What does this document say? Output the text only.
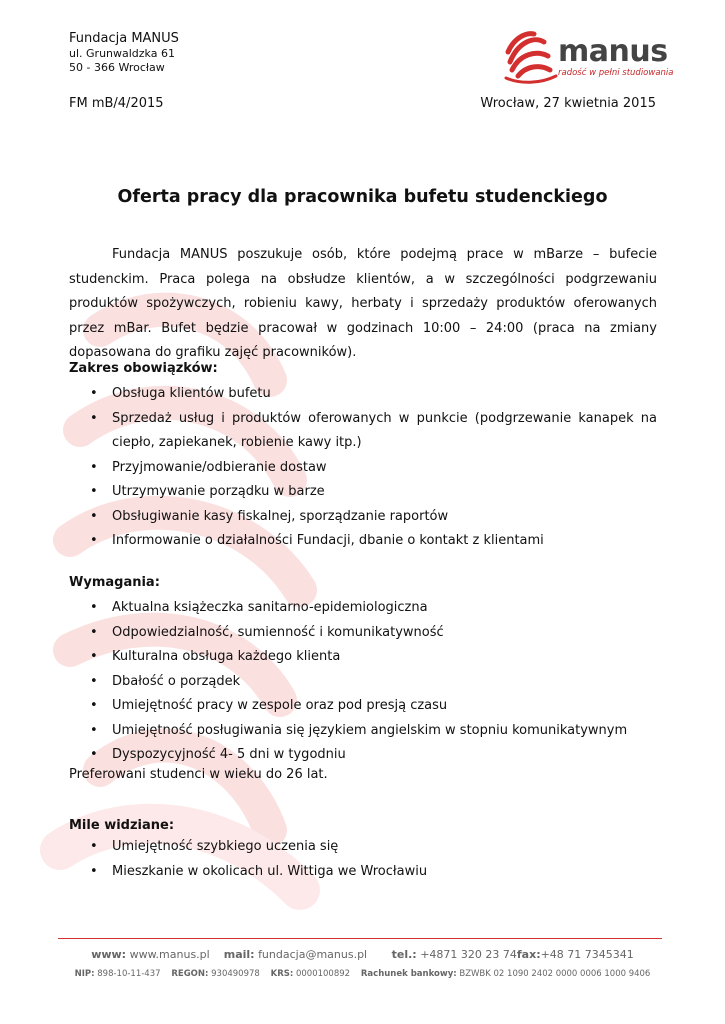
Fundacja MANUS
ul. Grunwaldzka 61
50 - 366 Wrocław	manus
radość w pełni studiowania
FM mB/4/2015	Wrocław, 27 kwietnia 2015
Oferta pracy dla pracownika bufetu studenckiego

Fundacja MANUS poszukuje osób, które podejmą prace w mBarze – bufecie studenckim. Praca polega na obsłudze klientów, a w szczególności podgrzewaniu produktów spożywczych, robieniu kawy, herbaty i sprzedaży produktów oferowanych przez mBar. Bufet będzie pracował w godzinach 10:00 – 24:00 (praca na zmiany dopasowana do grafiku zajęć pracowników).

Zakres obowiązków:
• Obsługa klientów bufetu
• Sprzedaż usług i produktów oferowanych w punkcie (podgrzewanie kanapek na ciepło, zapiekanek, robienie kawy itp.)
• Przyjmowanie/odbieranie dostaw
• Utrzymywanie porządku w barze
• Obsługiwanie kasy fiskalnej, sporządzanie raportów
• Informowanie o działalności Fundacji, dbanie o kontakt z klientami
Wymagania:
• Aktualna książeczka sanitarno-epidemiologiczna
• Odpowiedzialność, sumienność i komunikatywność
• Kulturalna obsługa każdego klienta
• Dbałość o porządek
• Umiejętność pracy w zespole oraz pod presją czasu
• Umiejętność posługiwania się językiem angielskim w stopniu komunikatywnym
• Dyspozycyjność 4- 5 dni w tygodniu
Preferowani studenci w wieku do 26 lat.
Mile widziane:
• Umiejętność szybkiego uczenia się
• Mieszkanie w okolicach ul. Wittiga we Wrocławiu
www: www.manus.pl mail: fundacja@manus.pl tel.: +4871 320 23 74fax:+48 71 7345341
NIP: 898-10-11-437 REGON: 930490978 KRS: 0000100892 Rachunek bankowy: BZWBK 02 1090 2402 0000 0006 1000 9406
